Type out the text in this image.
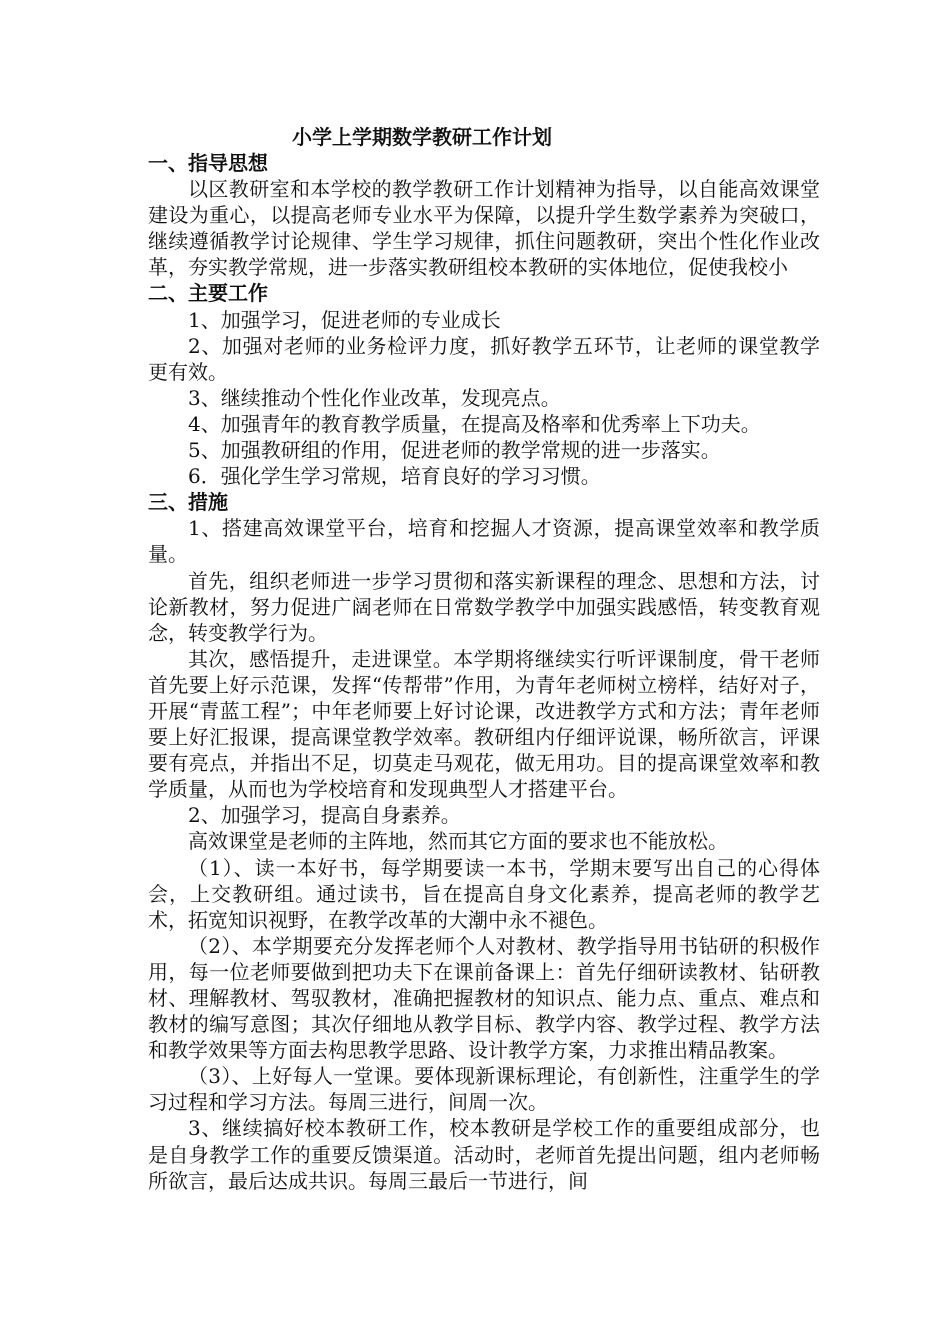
小学上学期数学教研工作计划
一、指导思想

以区教研室和本学校的教学教研工作计划精神为指导，以自能高效课堂建设为重心，以提高老师专业水平为保障，以提升学生数学素养为突破口，继续遵循教学讨论规律、学生学习规律，抓住问题教研，突出个性化作业改革，夯实教学常规，进一步落实教研组校本教研的实体地位，促使我校小

二、主要工作

1、加强学习，促进老师的专业成长

2、加强对老师的业务检评力度，抓好教学五环节，让老师的课堂教学更有效。

3、继续推动个性化作业改革，发现亮点。

4、加强青年的教育教学质量，在提高及格率和优秀率上下功夫。

5、加强教研组的作用，促进老师的教学常规的进一步落实。

6．强化学生学习常规，培育良好的学习习惯。

三、措施

1、搭建高效课堂平台，培育和挖掘人才资源，提高课堂效率和教学质量。

首先，组织老师进一步学习贯彻和落实新课程的理念、思想和方法，讨论新教材，努力促进广阔老师在日常数学教学中加强实践感悟，转变教育观念，转变教学行为。

其次，感悟提升，走进课堂。本学期将继续实行听评课制度，骨干老师首先要上好示范课，发挥“传帮带”作用，为青年老师树立榜样，结好对子，开展“青蓝工程”；中年老师要上好讨论课，改进教学方式和方法；青年老师要上好汇报课，提高课堂教学效率。教研组内仔细评说课，畅所欲言，评课要有亮点，并指出不足，切莫走马观花，做无用功。目的提高课堂效率和教学质量，从而也为学校培育和发现典型人才搭建平台。

2、加强学习，提高自身素养。

高效课堂是老师的主阵地，然而其它方面的要求也不能放松。

（1）、读一本好书，每学期要读一本书，学期末要写出自己的心得体会，上交教研组。通过读书，旨在提高自身文化素养，提高老师的教学艺术，拓宽知识视野，在教学改革的大潮中永不褪色。

（2）、本学期要充分发挥老师个人对教材、教学指导用书钻研的积极作用，每一位老师要做到把功夫下在课前备课上：首先仔细研读教材、钻研教材、理解教材、驾驭教材，准确把握教材的知识点、能力点、重点、难点和教材的编写意图；其次仔细地从教学目标、教学内容、教学过程、教学方法和教学效果等方面去构思教学思路、设计教学方案，力求推出精品教案。

（3）、上好每人一堂课。要体现新课标理论，有创新性，注重学生的学习过程和学习方法。每周三进行，间周一次。

3、继续搞好校本教研工作，校本教研是学校工作的重要组成部分，也是自身教学工作的重要反馈渠道。活动时，老师首先提出问题，组内老师畅所欲言，最后达成共识。每周三最后一节进行，间
